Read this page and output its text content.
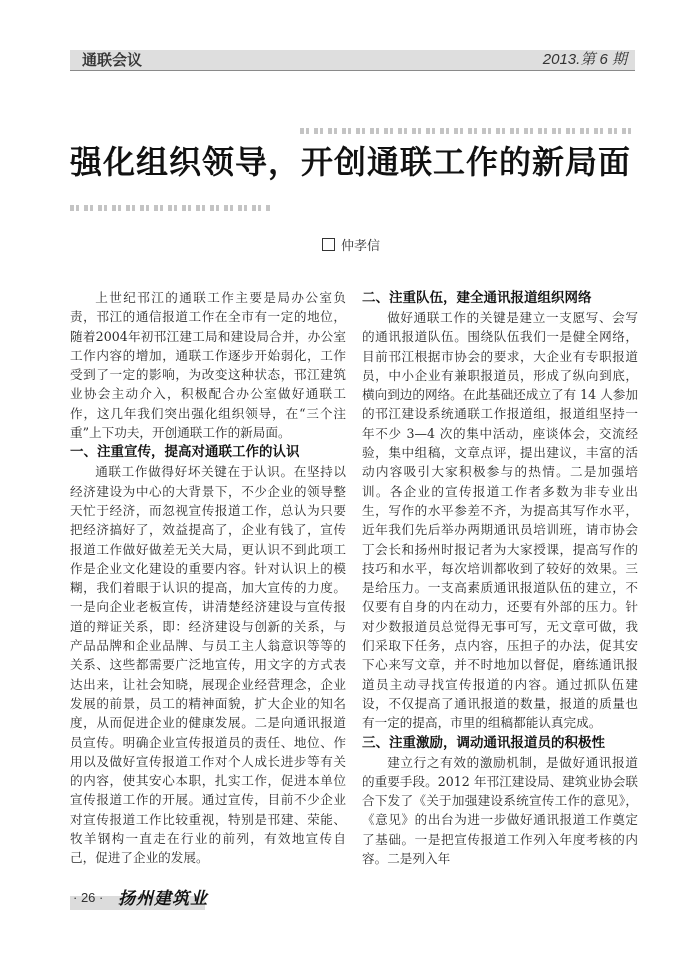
通联会议	2013.第 6 期
强化组织领导，开创通联工作的新局面
仲孝信

上世纪邗江的通联工作主要是局办公室负责，邗江的通信报道工作在全市有一定的地位，随着2004年初邗江建工局和建设局合并，办公室工作内容的增加，通联工作逐步开始弱化，工作受到了一定的影响，为改变这种状态，邗江建筑业协会主动介入，积极配合办公室做好通联工作，这几年我们突出强化组织领导，在“三个注重”上下功夫，开创通联工作的新局面。

一、注重宣传，提高对通联工作的认识

通联工作做得好坏关键在于认识。在坚持以经济建设为中心的大背景下，不少企业的领导整天忙于经济，而忽视宣传报道工作，总认为只要把经济搞好了，效益提高了，企业有钱了，宣传报道工作做好做差无关大局，更认识不到此项工作是企业文化建设的重要内容。针对认识上的模糊，我们着眼于认识的提高，加大宣传的力度。一是向企业老板宣传，讲清楚经济建设与宣传报道的辩证关系，即：经济建设与创新的关系，与产品品牌和企业品牌、与员工主人翁意识等等的关系、这些都需要广泛地宣传，用文字的方式表达出来，让社会知晓，展现企业经营理念，企业发展的前景，员工的精神面貌，扩大企业的知名度，从而促进企业的健康发展。二是向通讯报道员宣传。明确企业宣传报道员的责任、地位、作用以及做好宣传报道工作对个人成长进步等有关的内容，使其安心本职，扎实工作，促进本单位宣传报道工作的开展。通过宣传，目前不少企业对宣传报道工作比较重视，特别是邗建、荣能、牧羊钢构一直走在行业的前列，有效地宣传自己，促进了企业的发展。

二、注重队伍，建全通讯报道组织网络

做好通联工作的关键是建立一支愿写、会写的通讯报道队伍。围绕队伍我们一是健全网络，目前邗江根据市协会的要求，大企业有专职报道员，中小企业有兼职报道员，形成了纵向到底，横向到边的网络。在此基础还成立了有 14 人参加的邗江建设系统通联工作报道组，报道组坚持一年不少 3—4 次的集中活动，座谈体会，交流经验，集中组稿，文章点评，提出建议，丰富的活动内容吸引大家积极参与的热情。二是加强培训。各企业的宣传报道工作者多数为非专业出生，写作的水平参差不齐，为提高其写作水平，近年我们先后举办两期通讯员培训班，请市协会丁会长和扬州时报记者为大家授课，提高写作的技巧和水平，每次培训都收到了较好的效果。三是给压力。一支高素质通讯报道队伍的建立，不仅要有自身的内在动力，还要有外部的压力。针对少数报道员总觉得无事可写，无文章可做，我们采取下任务，点内容，压担子的办法，促其安下心来写文章，并不时地加以督促，磨练通讯报道员主动寻找宣传报道的内容。通过抓队伍建设，不仅提高了通讯报道的数量，报道的质量也有一定的提高，市里的组稿都能认真完成。

三、注重激励，调动通讯报道员的积极性

建立行之有效的激励机制，是做好通讯报道的重要手段。2012 年邗江建设局、建筑业协会联合下发了《关于加强建设系统宣传工作的意见》，《意见》的出台为进一步做好通讯报道工作奠定了基础。一是把宣传报道工作列入年度考核的内容。二是列入年

· 26 · 扬州建筑业
